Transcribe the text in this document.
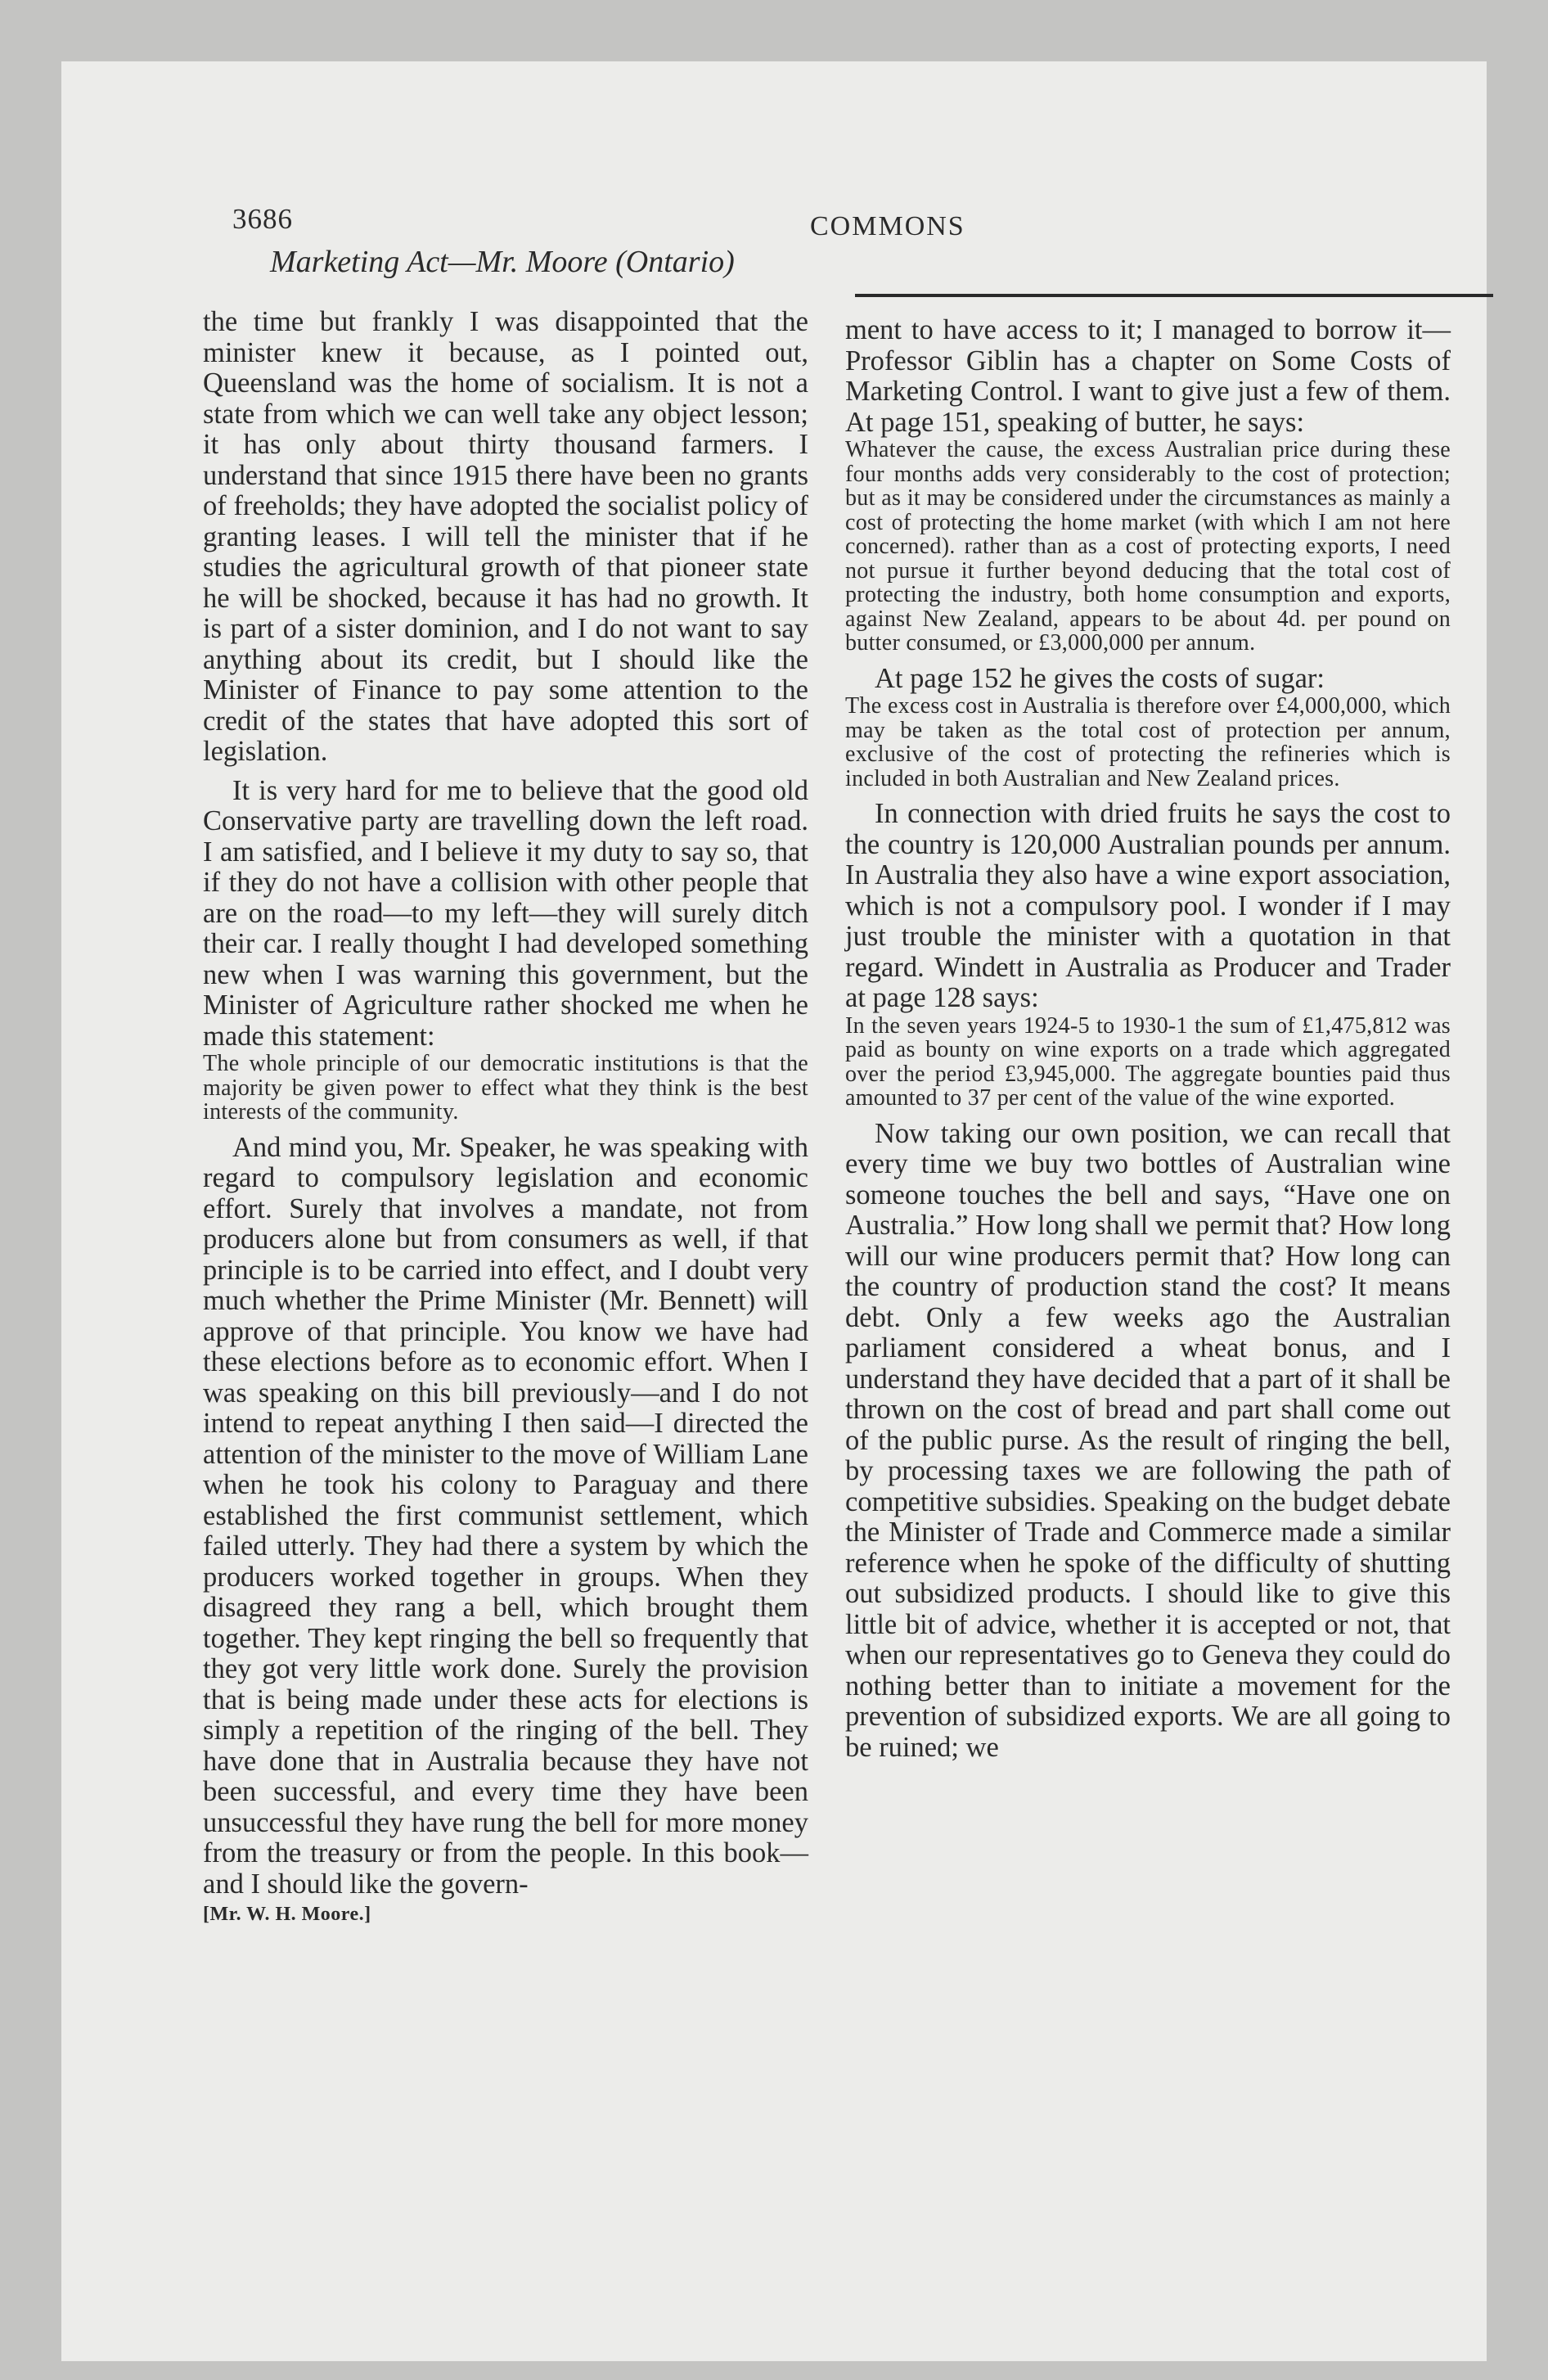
3686	COMMONS
Marketing Act—Mr. Moore (Ontario)

the time but frankly I was disappointed that the minister knew it because, as I pointed out, Queensland was the home of socialism. It is not a state from which we can well take any object lesson; it has only about thirty thousand farmers. I understand that since 1915 there have been no grants of freeholds; they have adopted the socialist policy of granting leases. I will tell the minister that if he studies the agricultural growth of that pioneer state he will be shocked, because it has had no growth. It is part of a sister dominion, and I do not want to say anything about its credit, but I should like the Minister of Finance to pay some attention to the credit of the states that have adopted this sort of legislation.

It is very hard for me to believe that the good old Conservative party are travelling down the left road. I am satisfied, and I believe it my duty to say so, that if they do not have a collision with other people that are on the road—to my left—they will surely ditch their car. I really thought I had developed something new when I was warning this government, but the Minister of Agriculture rather shocked me when he made this statement:

The whole principle of our democratic institutions is that the majority be given power to effect what they think is the best interests of the community.

And mind you, Mr. Speaker, he was speaking with regard to compulsory legislation and economic effort. Surely that involves a mandate, not from producers alone but from consumers as well, if that principle is to be carried into effect, and I doubt very much whether the Prime Minister (Mr. Bennett) will approve of that principle. You know we have had these elections before as to economic effort. When I was speaking on this bill previously—and I do not intend to repeat anything I then said—I directed the attention of the minister to the move of William Lane when he took his colony to Paraguay and there established the first communist settlement, which failed utterly. They had there a system by which the producers worked together in groups. When they disagreed they rang a bell, which brought them together. They kept ringing the bell so frequently that they got very little work done. Surely the provision that is being made under these acts for elections is simply a repetition of the ringing of the bell. They have done that in Australia because they have not been successful, and every time they have been unsuccessful they have rung the bell for more money from the treasury or from the people. In this book—and I should like the govern-

[Mr. W. H. Moore.]

ment to have access to it; I managed to borrow it—Professor Giblin has a chapter on Some Costs of Marketing Control. I want to give just a few of them. At page 151, speaking of butter, he says:

Whatever the cause, the excess Australian price during these four months adds very considerably to the cost of protection; but as it may be considered under the circumstances as mainly a cost of protecting the home market (with which I am not here concerned). rather than as a cost of protecting exports, I need not pursue it further beyond deducing that the total cost of protecting the industry, both home consumption and exports, against New Zealand, appears to be about 4d. per pound on butter consumed, or £3,000,000 per annum.

At page 152 he gives the costs of sugar:

The excess cost in Australia is therefore over £4,000,000, which may be taken as the total cost of protection per annum, exclusive of the cost of protecting the refineries which is included in both Australian and New Zealand prices.

In connection with dried fruits he says the cost to the country is 120,000 Australian pounds per annum. In Australia they also have a wine export association, which is not a compulsory pool. I wonder if I may just trouble the minister with a quotation in that regard. Windett in Australia as Producer and Trader at page 128 says:

In the seven years 1924-5 to 1930-1 the sum of £1,475,812 was paid as bounty on wine exports on a trade which aggregated over the period £3,945,000. The aggregate bounties paid thus amounted to 37 per cent of the value of the wine exported.

Now taking our own position, we can recall that every time we buy two bottles of Australian wine someone touches the bell and says, “Have one on Australia.” How long shall we permit that? How long will our wine producers permit that? How long can the country of production stand the cost? It means debt. Only a few weeks ago the Australian parliament considered a wheat bonus, and I understand they have decided that a part of it shall be thrown on the cost of bread and part shall come out of the public purse. As the result of ringing the bell, by processing taxes we are following the path of competitive subsidies. Speaking on the budget debate the Minister of Trade and Commerce made a similar reference when he spoke of the difficulty of shutting out subsidized products. I should like to give this little bit of advice, whether it is accepted or not, that when our representatives go to Geneva they could do nothing better than to initiate a movement for the prevention of subsidized exports. We are all going to be ruined; we
